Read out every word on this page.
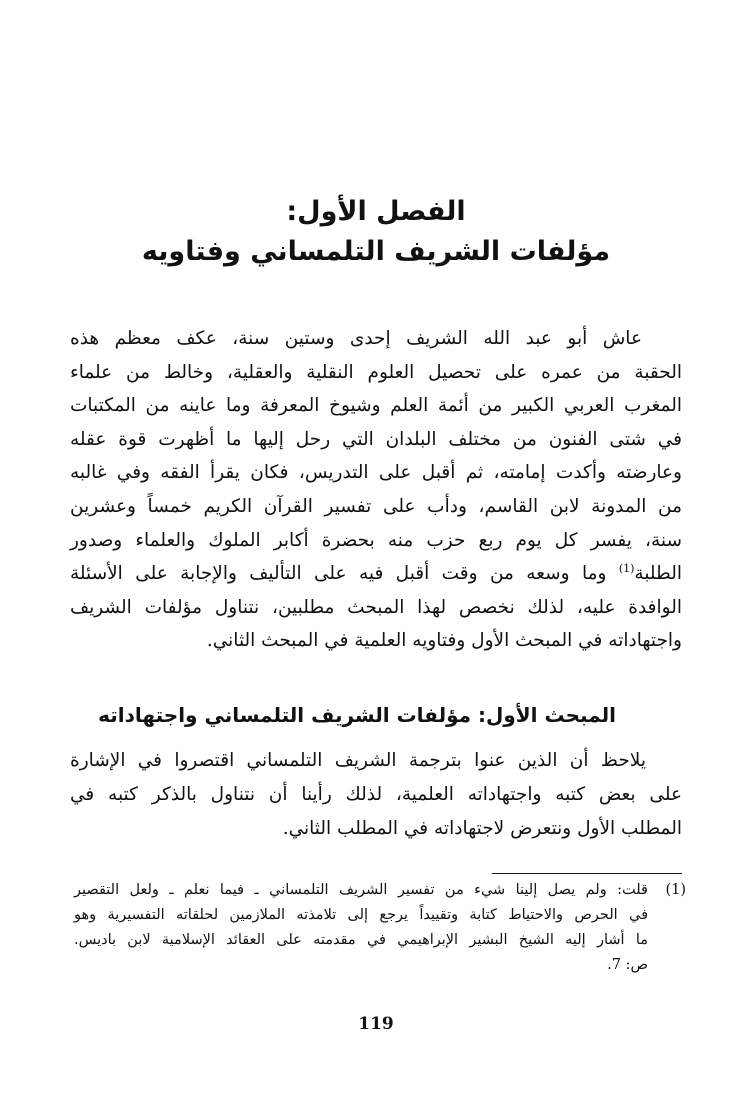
الفصل الأول:
مؤلفات الشريف التلمساني وفتاويه
عاش أبو عبد الله الشريف إحدى وستين سنة، عكف معظم هذه
الحقبة من عمره على تحصيل العلوم النقلية والعقلية، وخالط من علماء
المغرب العربي الكبير من أئمة العلم وشيوخ المعرفة وما عاينه من المكتبات
في شتى الفنون من مختلف البلدان التي رحل إليها ما أظهرت قوة عقله
وعارضته وأكدت إمامته، ثم أقبل على التدريس، فكان يقرأ الفقه وفي غالبه
من المدونة لابن القاسم، ودأب على تفسير القرآن الكريم خمساً وعشرين
سنة، يفسر كل يوم ربع حزب منه بحضرة أكابر الملوك والعلماء وصدور
الطلبة$^{(1)}$ وما وسعه من وقت أقبل فيه على التأليف والإجابة على الأسئلة
الوافدة عليه، لذلك نخصص لهذا المبحث مطلبين، نتناول مؤلفات الشريف
واجتهاداته في المبحث الأول وفتاويه العلمية في المبحث الثاني.
المبحث الأول: مؤلفات الشريف التلمساني واجتهاداته
يلاحظ أن الذين عنوا بترجمة الشريف التلمساني اقتصروا في الإشارة
على بعض كتبه واجتهاداته العلمية، لذلك رأينا أن نتناول بالذكر كتبه في
المطلب الأول ونتعرض لاجتهاداته في المطلب الثاني.
(1)
قلت: ولم يصل إلينا شيء من تفسير الشريف التلمساني ـ فيما نعلم ـ ولعل التقصير
في الحرص والاحتياط كتابة وتقييداً يرجع إلى تلامذته الملازمين لحلقاته التفسيرية وهو
ما أشار إليه الشيخ البشير الإبراهيمي في مقدمته على العقائد الإسلامية لابن باديس.
ص: 7.
119
